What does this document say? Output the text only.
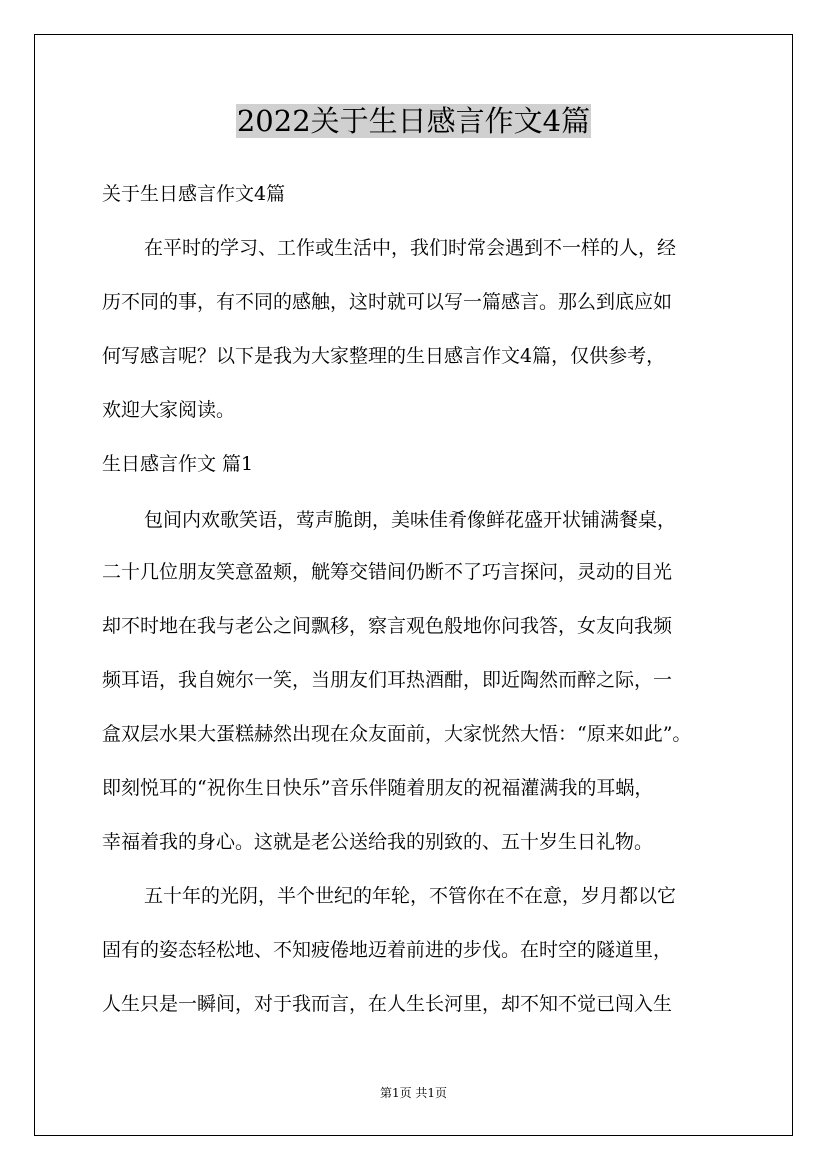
2022关于生日感言作文4篇
关于生日感言作文4篇
在平时的学习、工作或生活中，我们时常会遇到不一样的人，经
历不同的事，有不同的感触，这时就可以写一篇感言。那么到底应如
何写感言呢？以下是我为大家整理的生日感言作文4篇，仅供参考，
欢迎大家阅读。
生日感言作文 篇1
包间内欢歌笑语，莺声脆朗，美味佳肴像鲜花盛开状铺满餐桌，
二十几位朋友笑意盈颊，觥筹交错间仍断不了巧言探问，灵动的目光
却不时地在我与老公之间飘移，察言观色般地你问我答，女友向我频
频耳语，我自婉尔一笑，当朋友们耳热酒酣，即近陶然而醉之际，一
盒双层水果大蛋糕赫然出现在众友面前，大家恍然大悟：“原来如此”。
即刻悦耳的“祝你生日快乐”音乐伴随着朋友的祝福灌满我的耳蜗，
幸福着我的身心。这就是老公送给我的别致的、五十岁生日礼物。
五十年的光阴，半个世纪的年轮，不管你在不在意，岁月都以它
固有的姿态轻松地、不知疲倦地迈着前进的步伐。在时空的隧道里，
人生只是一瞬间，对于我而言，在人生长河里，却不知不觉已闯入生
第1页 共1页
